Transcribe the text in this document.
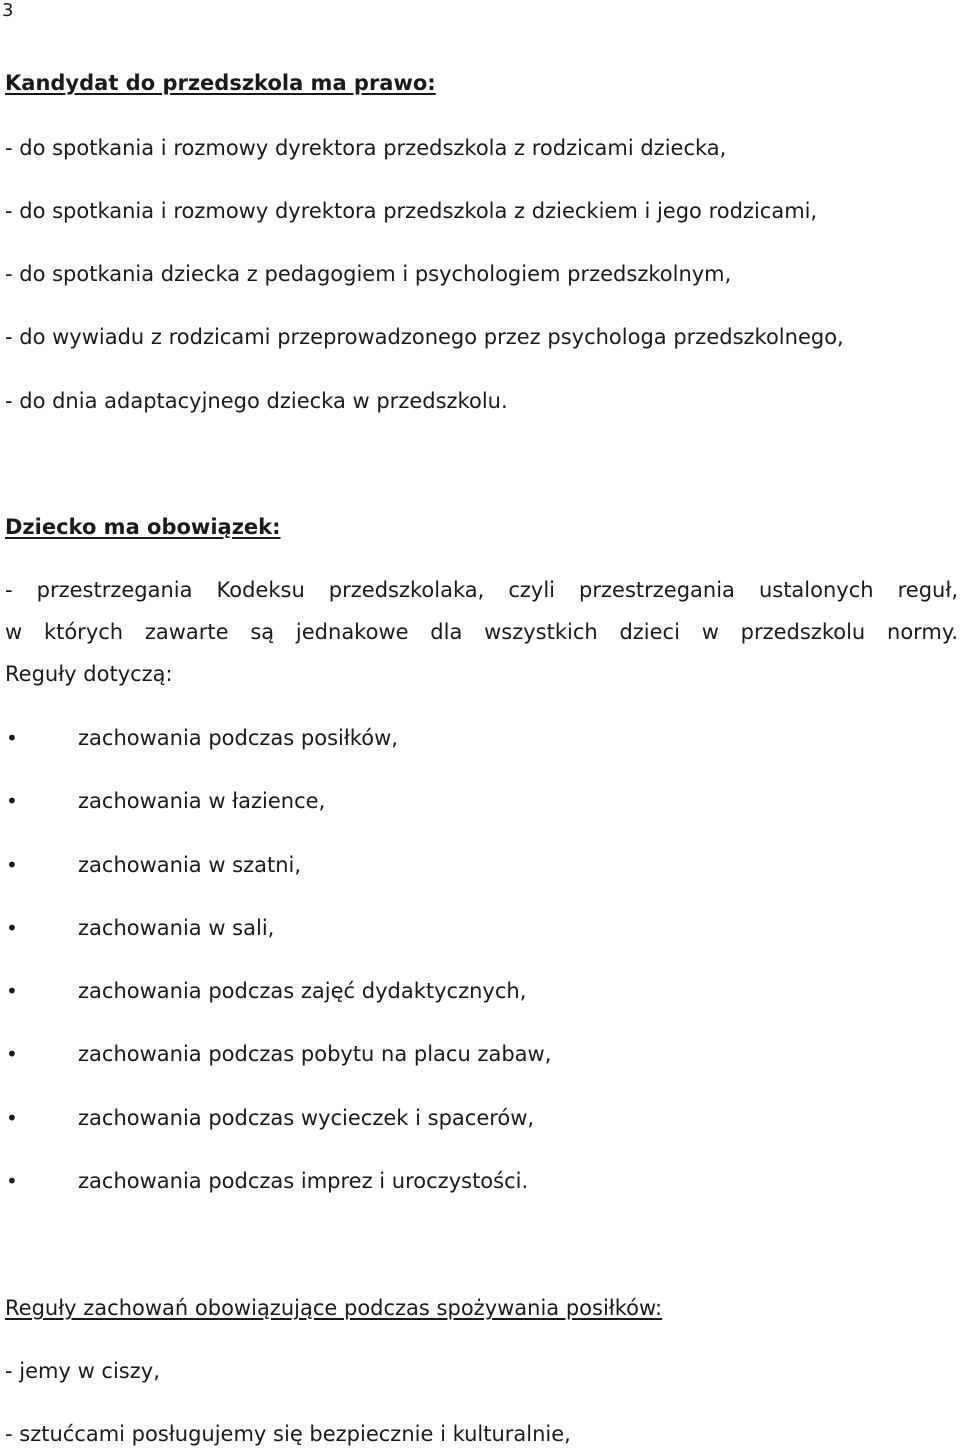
3
Kandydat do przedszkola ma prawo:
- do spotkania i rozmowy dyrektora przedszkola z rodzicami dziecka,
- do spotkania i rozmowy dyrektora przedszkola z dzieckiem i jego rodzicami,
- do spotkania dziecka z pedagogiem i psychologiem przedszkolnym,
- do wywiadu z rodzicami przeprowadzonego przez psychologa przedszkolnego,
- do dnia adaptacyjnego dziecka w przedszkolu.
Dziecko ma obowiązek:
- przestrzegania Kodeksu przedszkolaka, czyli przestrzegania ustalonych reguł,
w których zawarte są jednakowe dla wszystkich dzieci w przedszkolu normy.
Reguły dotyczą:
•	zachowania podczas posiłków,
•	zachowania w łazience,
•	zachowania w szatni,
•	zachowania w sali,
•	zachowania podczas zajęć dydaktycznych,
•	zachowania podczas pobytu na placu zabaw,
•	zachowania podczas wycieczek i spacerów,
•	zachowania podczas imprez i uroczystości.
Reguły zachowań obowiązujące podczas spożywania posiłków:
- jemy w ciszy,
- sztućcami posługujemy się bezpiecznie i kulturalnie,
